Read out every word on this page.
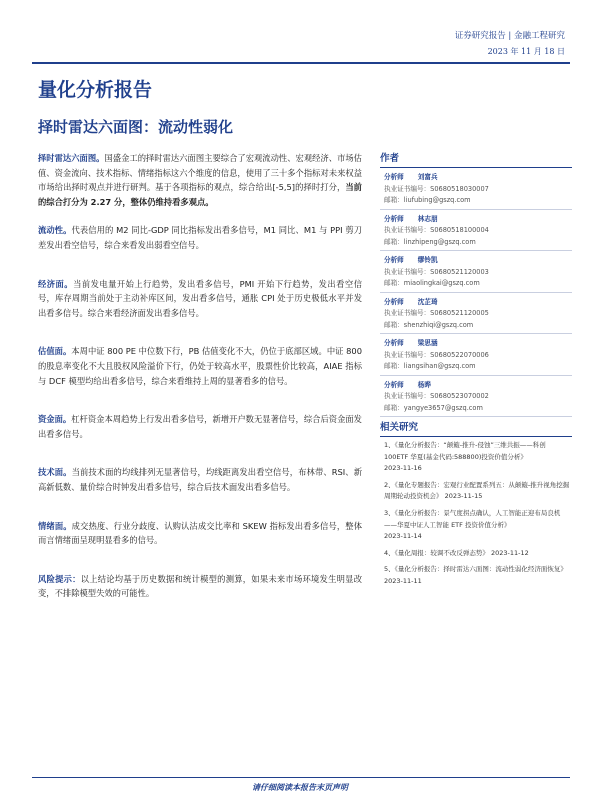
证券研究报告 | 金融工程研究
2023 年 11 月 18 日
量化分析报告
择时雷达六面图：流动性弱化

择时雷达六面图。国盛金工的择时雷达六面图主要综合了宏观流动性、宏观经济、市场估值、资金流向、技术指标、情绪指标这六个维度的信息，使用了三十多个指标对未来权益市场给出择时观点并进行研判。基于各项指标的观点，综合给出[-5,5]的择时打分，当前的综合打分为 2.27 分，整体仍维持看多观点。

流动性。代表信用的 M2 同比-GDP 同比指标发出看多信号，M1 同比、M1 与 PPI 剪刀差发出看空信号，综合来看发出弱看空信号。

经济面。当前发电量开始上行趋势，发出看多信号，PMI 开始下行趋势，发出看空信号，库存周期当前处于主动补库区间，发出看多信号，通胀 CPI 处于历史极低水平并发出看多信号。综合来看经济面发出看多信号。

估值面。本周中证 800 PE 中位数下行，PB 估值变化不大，仍位于底部区域。中证 800 的股息率变化不大且股权风险溢价下行，仍处于较高水平，股票性价比较高，AIAE 指标与 DCF 模型均给出看多信号，综合来看维持上周的显著看多的信号。

资金面。杠杆资金本周趋势上行发出看多信号，新增开户数无显著信号，综合后资金面发出看多信号。

技术面。当前技术面的均线排列无显著信号，均线距离发出看空信号，布林带、RSI、新高新低数、量价综合时钟发出看多信号，综合后技术面发出看多信号。

情绪面。成交热度、行业分歧度、认购认沽成交比率和 SKEW 指标发出看多信号，整体而言情绪面呈现明显看多的信号。

风险提示：以上结论均基于历史数据和统计模型的测算，如果未来市场环境发生明显改变，不排除模型失效的可能性。

作者
分析师 刘富兵
执业证书编号：S0680518030007
邮箱：liufubing@gszq.com
分析师 林志朋
执业证书编号：S0680518100004
邮箱：linzhipeng@gszq.com
分析师 缪铃凯
执业证书编号：S0680521120003
邮箱：miaolingkai@gszq.com
分析师 沈芷琦
执业证书编号：S0680521120005
邮箱：shenzhiqi@gszq.com
分析师 梁思涵
执业证书编号：S0680522070006
邮箱：liangsihan@gszq.com
分析师 杨晔
执业证书编号：S0680523070002
邮箱：yangye3657@gszq.com
相关研究
1、《量化分析报告：“颠簸-推升-侵蚀”三维共振——科创 100ETF 华夏(基金代码:588800)投资价值分析》
2023-11-16
2、《量化专题报告：宏观行业配置系列五：从颠簸-推升视角挖掘周期轮动投资机会》 2023-11-15
3、《量化分析报告：景气度拐点确认，人工智能正迎布局良机——华夏中证人工智能 ETF 投资价值分析》
2023-11-14
4、《量化周报：较调不改反弹态势》 2023-11-12
5、《量化分析报告：择时雷达六面图：流动性弱化经济面恢复》 2023-11-11
请仔细阅读本报告末页声明
